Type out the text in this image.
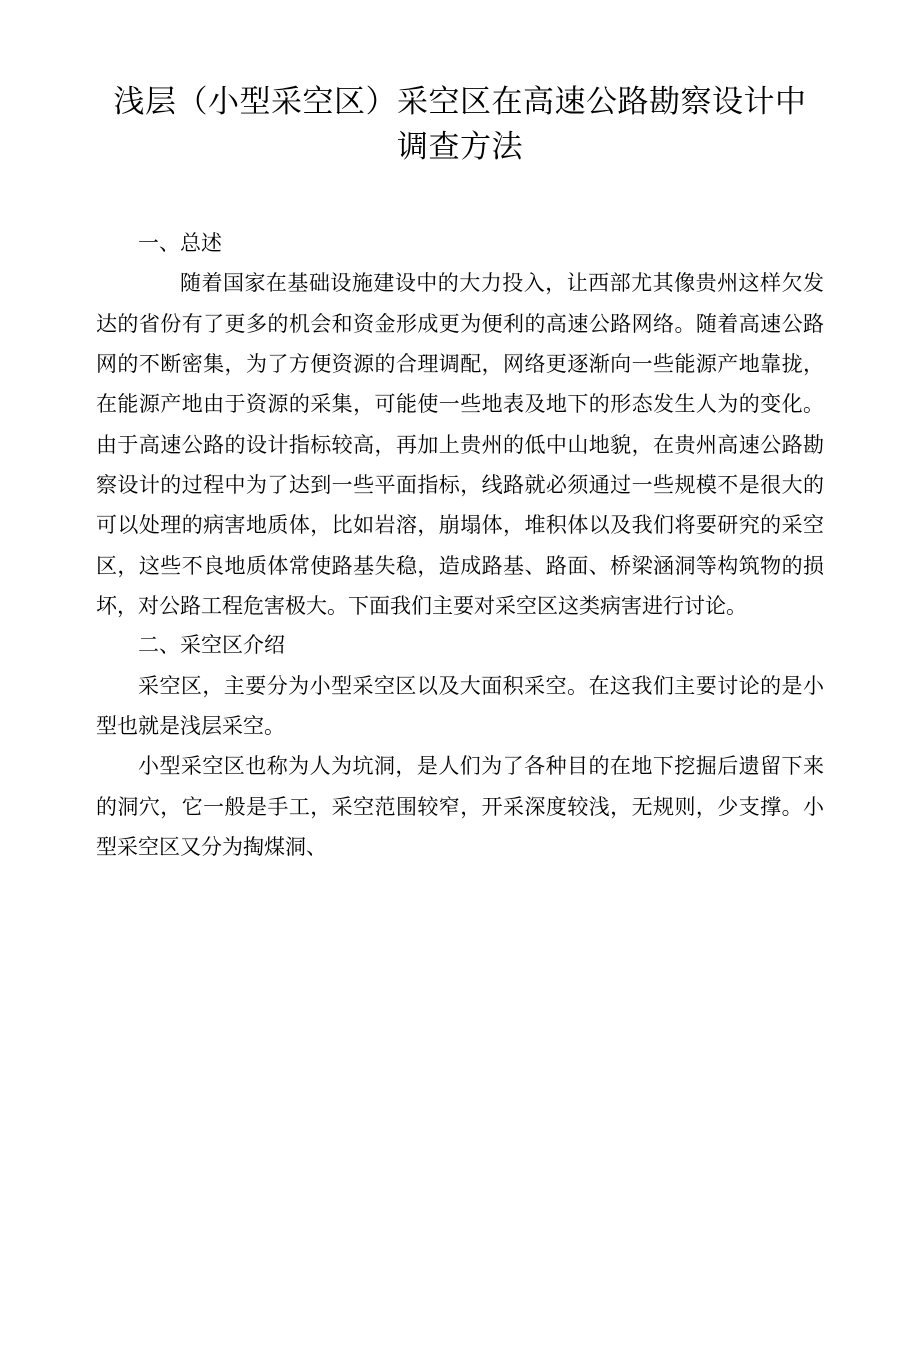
浅层（小型采空区）采空区在高速公路勘察设计中调查方法

一、总述

随着国家在基础设施建设中的大力投入，让西部尤其像贵州这样欠发达的省份有了更多的机会和资金形成更为便利的高速公路网络。随着高速公路网的不断密集，为了方便资源的合理调配，网络更逐渐向一些能源产地靠拢，在能源产地由于资源的采集，可能使一些地表及地下的形态发生人为的变化。由于高速公路的设计指标较高，再加上贵州的低中山地貌，在贵州高速公路勘察设计的过程中为了达到一些平面指标，线路就必须通过一些规模不是很大的可以处理的病害地质体，比如岩溶，崩塌体，堆积体以及我们将要研究的采空区，这些不良地质体常使路基失稳，造成路基、路面、桥梁涵洞等构筑物的损坏，对公路工程危害极大。下面我们主要对采空区这类病害进行讨论。

二、采空区介绍

采空区，主要分为小型采空区以及大面积采空。在这我们主要讨论的是小型也就是浅层采空。

小型采空区也称为人为坑洞，是人们为了各种目的在地下挖掘后遗留下来的洞穴，它一般是手工，采空范围较窄，开采深度较浅，无规则，少支撑。小型采空区又分为掏煤洞、
